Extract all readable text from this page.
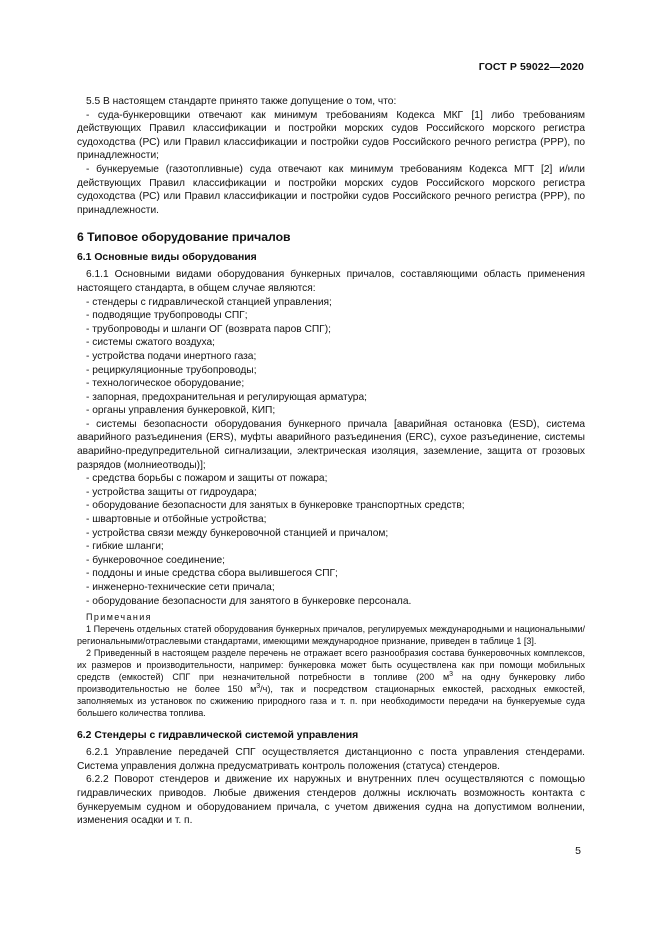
ГОСТ Р 59022—2020

5.5 В настоящем стандарте принято также допущение о том, что:

- суда-бункеровщики отвечают как минимум требованиям Кодекса МКГ [1] либо требованиям действующих Правил классификации и постройки морских судов Российского морского регистра судоходства (РС) или Правил классификации и постройки судов Российского речного регистра (РРР), по принадлежности;

- бункеруемые (газотопливные) суда отвечают как минимум требованиям Кодекса МГТ [2] и/или действующих Правил классификации и постройки морских судов Российского морского регистра судоходства (РС) или Правил классификации и постройки судов Российского речного регистра (РРР), по принадлежности.

6 Типовое оборудование причалов
6.1 Основные виды оборудования

6.1.1 Основными видами оборудования бункерных причалов, составляющими область применения настоящего стандарта, в общем случае являются:

- стендеры с гидравлической станцией управления;

- подводящие трубопроводы СПГ;

- трубопроводы и шланги ОГ (возврата паров СПГ);

- системы сжатого воздуха;

- устройства подачи инертного газа;

- рециркуляционные трубопроводы;

- технологическое оборудование;

- запорная, предохранительная и регулирующая арматура;

- органы управления бункеровкой, КИП;

- системы безопасности оборудования бункерного причала [аварийная остановка (ESD), система аварийного разъединения (ERS), муфты аварийного разъединения (ERC), сухое разъединение, системы аварийно-предупредительной сигнализации, электрическая изоляция, заземление, защита от грозовых разрядов (молниеотводы)];

- средства борьбы с пожаром и защиты от пожара;

- устройства защиты от гидроудара;

- оборудование безопасности для занятых в бункеровке транспортных средств;

- швартовные и отбойные устройства;

- устройства связи между бункеровочной станцией и причалом;

- гибкие шланги;

- бункеровочное соединение;

- поддоны и иные средства сбора вылившегося СПГ;

- инженерно-технические сети причала;

- оборудование безопасности для занятого в бункеровке персонала.

Примечания

1 Перечень отдельных статей оборудования бункерных причалов, регулируемых международными и национальными/региональными/отраслевыми стандартами, имеющими международное признание, приведен в таблице 1 [3].

2 Приведенный в настоящем разделе перечень не отражает всего разнообразия состава бункеровочных комплексов, их размеров и производительности, например: бункеровка может быть осуществлена как при помощи мобильных средств (емкостей) СПГ при незначительной потребности в топливе (200 $м^3$ на одну бункеровку либо производительностью не более 150 $м^3/ч$), так и посредством стационарных емкостей, расходных емкостей, заполняемых из установок по сжижению природного газа и т. п. при необходимости передачи на бункеруемые суда большего количества топлива.

6.2 Стендеры с гидравлической системой управления

6.2.1 Управление передачей СПГ осуществляется дистанционно с поста управления стендерами. Система управления должна предусматривать контроль положения (статуса) стендеров.

6.2.2 Поворот стендеров и движение их наружных и внутренних плеч осуществляются с помощью гидравлических приводов. Любые движения стендеров должны исключать возможность контакта с бункеруемым судном и оборудованием причала, с учетом движения судна на допустимом волнении, изменения осадки и т. п.

5
